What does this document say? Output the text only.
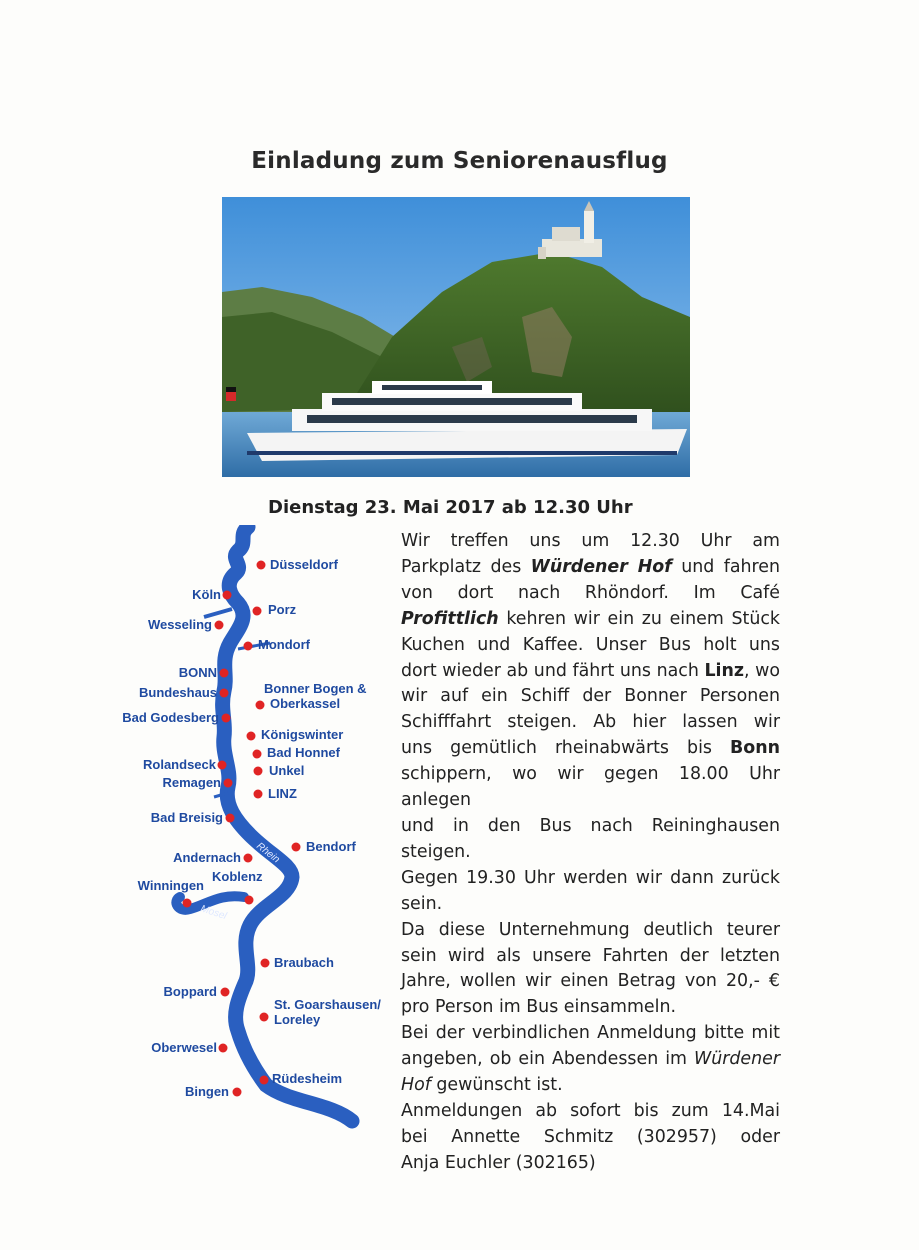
Einladung zum Seniorenausflug
Dienstag 23. Mai 2017 ab 12.30 Uhr
Rhein
Mosel
Düsseldorf
Köln
Porz
Wesseling
Mondorf
BONN
Bundeshaus	Bonner Bogen &
Oberkassel
Bad Godesberg
Königswinter
Bad Honnef
Rolandseck	Unkel
Remagen
LINZ
Bad Breisig
Bendorf
Andernach
Winningen
Koblenz
Braubach
Boppard
St. Goarshausen/
Loreley
Oberwesel
Rüdesheim
Bingen

Wir treffen uns um 12.30 Uhr am

Parkplatz des Würdener Hof und fahren

von dort nach Rhöndorf. Im Café

Profittlich kehren wir ein zu einem Stück

Kuchen und Kaffee. Unser Bus holt uns

dort wieder ab und fährt uns nach Linz, wo

wir auf ein Schiff der Bonner Personen

Schifffahrt steigen. Ab hier lassen wir

uns gemütlich rheinabwärts bis Bonn

schippern, wo wir gegen 18.00 Uhr anlegen

und in den Bus nach Reininghausen steigen.

Gegen 19.30 Uhr werden wir dann zurück

sein.

Da diese Unternehmung deutlich teurer

sein wird als unsere Fahrten der letzten

Jahre, wollen wir einen Betrag von 20,- €

pro Person im Bus einsammeln.

Bei der verbindlichen Anmeldung bitte mit

angeben, ob ein Abendessen im Würdener

Hof gewünscht ist.

Anmeldungen ab sofort bis zum 14.Mai

bei Annette Schmitz (302957) oder

Anja Euchler (302165)
